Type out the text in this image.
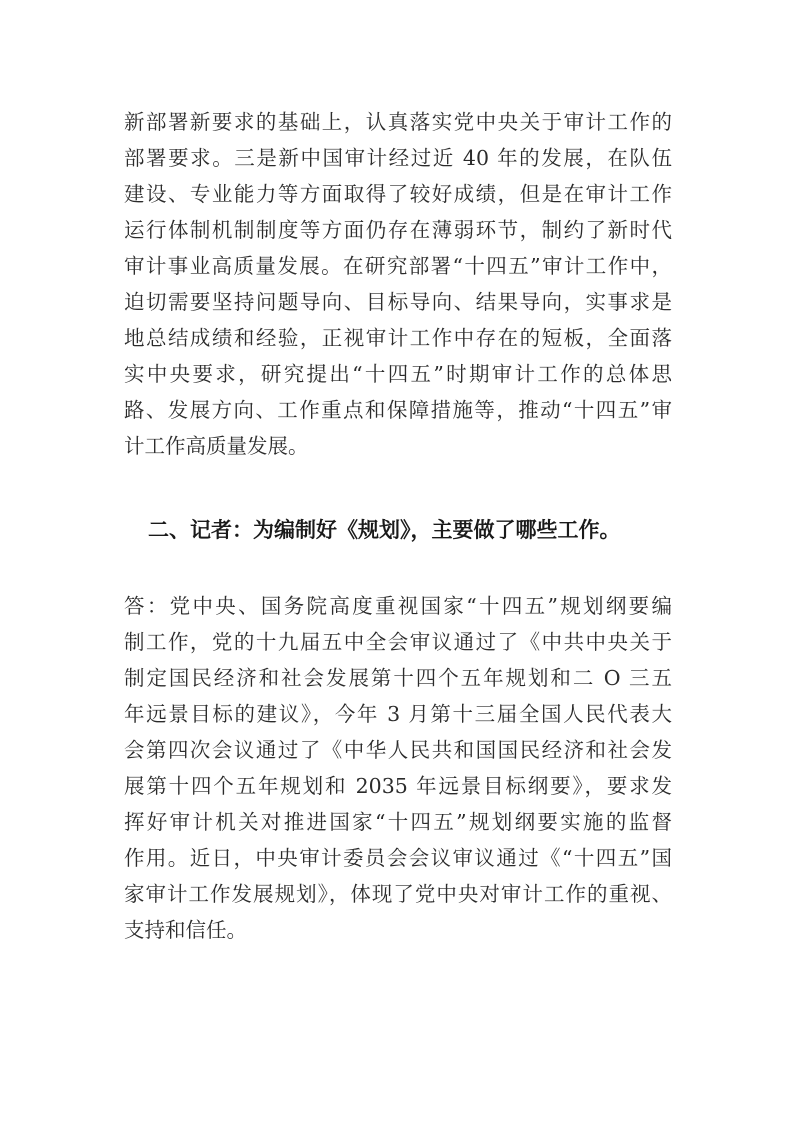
新部署新要求的基础上，认真落实党中央关于审计工作的
部署要求。三是新中国审计经过近 40 年的发展，在队伍
建设、专业能力等方面取得了较好成绩，但是在审计工作
运行体制机制制度等方面仍存在薄弱环节，制约了新时代
审计事业高质量发展。在研究部署“十四五”审计工作中，
迫切需要坚持问题导向、目标导向、结果导向，实事求是
地总结成绩和经验，正视审计工作中存在的短板，全面落
实中央要求，研究提出“十四五”时期审计工作的总体思
路、发展方向、工作重点和保障措施等，推动“十四五”审
计工作高质量发展。
二、记者：为编制好《规划》，主要做了哪些工作。
答：党中央、国务院高度重视国家“十四五”规划纲要编
制工作，党的十九届五中全会审议通过了《中共中央关于
制定国民经济和社会发展第十四个五年规划和二 O 三五
年远景目标的建议》，今年 3 月第十三届全国人民代表大
会第四次会议通过了《中华人民共和国国民经济和社会发
展第十四个五年规划和 2035 年远景目标纲要》，要求发
挥好审计机关对推进国家“十四五”规划纲要实施的监督
作用。近日，中央审计委员会会议审议通过《“十四五”国
家审计工作发展规划》，体现了党中央对审计工作的重视、
支持和信任。
